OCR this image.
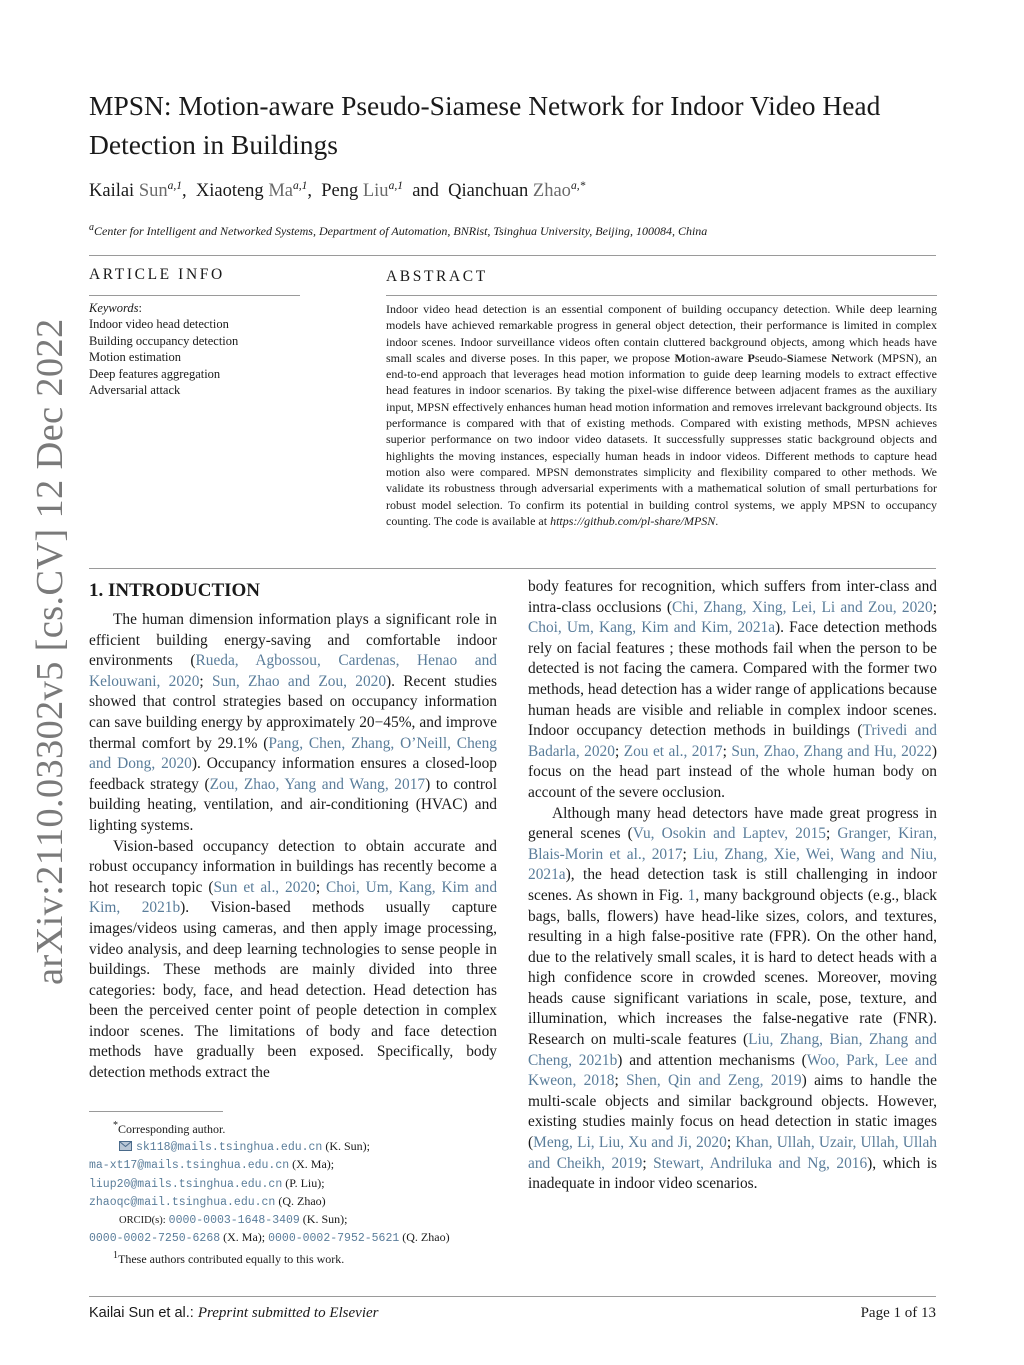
arXiv:2110.03302v5 [cs.CV] 12 Dec 2022
MPSN: Motion-aware Pseudo-Siamese Network for Indoor Video Head Detection in Buildings
Kailai Sun$^{a,1}$,  Xiaoteng Ma$^{a,1}$,  Peng Liu$^{a,1}$ and Qianchuan Zhao$^{a,*}$
$^a$Center for Intelligent and Networked Systems, Department of Automation, BNRist, Tsinghua University, Beijing, 100084, China
ARTICLE INFO
Keywords:
Indoor video head detection
Building occupancy detection
Motion estimation
Deep features aggregation
Adversarial attack
ABSTRACT
Indoor video head detection is an essential component of building occupancy detection. While deep learning models have achieved remarkable progress in general object detection, their performance is limited in complex indoor scenes. Indoor surveillance videos often contain cluttered background objects, among which heads have small scales and diverse poses. In this paper, we propose Motion-aware Pseudo-Siamese Network (MPSN), an end-to-end approach that leverages head motion information to guide deep learning models to extract effective head features in indoor scenarios. By taking the pixel-wise difference between adjacent frames as the auxiliary input, MPSN effectively enhances human head motion information and removes irrelevant background objects. Its performance is compared with that of existing methods. Compared with existing methods, MPSN achieves superior performance on two indoor video datasets. It successfully suppresses static background objects and highlights the moving instances, especially human heads in indoor videos. Different methods to capture head motion also were compared. MPSN demonstrates simplicity and flexibility compared to other methods. We validate its robustness through adversarial experiments with a mathematical solution of small perturbations for robust model selection. To confirm its potential in building control systems, we apply MPSN to occupancy counting. The code is available at https://github.com/pl-share/MPSN.
1. INTRODUCTION

The human dimension information plays a significant role in efficient building energy-saving and comfortable indoor environments (Rueda, Agbossou, Cardenas, Henao and Kelouwani, 2020; Sun, Zhao and Zou, 2020). Recent studies showed that control strategies based on occupancy information can save building energy by approximately 20−45%, and improve thermal comfort by 29.1% (Pang, Chen, Zhang, O’Neill, Cheng and Dong, 2020). Occupancy information ensures a closed-loop feedback strategy (Zou, Zhao, Yang and Wang, 2017) to control building heating, ventilation, and air-conditioning (HVAC) and lighting systems.

Vision-based occupancy detection to obtain accurate and robust occupancy information in buildings has recently become a hot research topic (Sun et al., 2020; Choi, Um, Kang, Kim and Kim, 2021b). Vision-based methods usually capture images/videos using cameras, and then apply image processing, video analysis, and deep learning technologies to sense people in buildings. These methods are mainly divided into three categories: body, face, and head detection. Head detection has been the perceived center point of people detection in complex indoor scenes. The limitations of body and face detection methods have gradually been exposed. Specifically, body detection methods extract the

body features for recognition, which suffers from inter-class and intra-class occlusions (Chi, Zhang, Xing, Lei, Li and Zou, 2020; Choi, Um, Kang, Kim and Kim, 2021a). Face detection methods rely on facial features ; these mothods fail when the person to be detected is not facing the camera. Compared with the former two methods, head detection has a wider range of applications because human heads are visible and reliable in complex indoor scenes. Indoor occupancy detection methods in buildings (Trivedi and Badarla, 2020; Zou et al., 2017; Sun, Zhao, Zhang and Hu, 2022) focus on the head part instead of the whole human body on account of the severe occlusion.

Although many head detectors have made great progress in general scenes (Vu, Osokin and Laptev, 2015; Granger, Kiran, Blais-Morin et al., 2017; Liu, Zhang, Xie, Wei, Wang and Niu, 2021a), the head detection task is still challenging in indoor scenes. As shown in Fig. 1, many background objects (e.g., black bags, balls, flowers) have head-like sizes, colors, and textures, resulting in a high false-positive rate (FPR). On the other hand, due to the relatively small scales, it is hard to detect heads with a high confidence score in crowded scenes. Moreover, moving heads cause significant variations in scale, pose, texture, and illumination, which increases the false-negative rate (FNR). Research on multi-scale features (Liu, Zhang, Bian, Zhang and Cheng, 2021b) and attention mechanisms (Woo, Park, Lee and Kweon, 2018; Shen, Qin and Zeng, 2019) aims to handle the multi-scale objects and similar background objects. However, existing studies mainly focus on head detection in static images (Meng, Li, Liu, Xu and Ji, 2020; Khan, Ullah, Uzair, Ullah, Ullah and Cheikh, 2019; Stewart, Andriluka and Ng, 2016), which is inadequate in indoor video scenarios.

*Corresponding author.
sk118@mails.tsinghua.edu.cn (K. Sun);
ma-xt17@mails.tsinghua.edu.cn (X. Ma);
liup20@mails.tsinghua.edu.cn (P. Liu);
zhaoqc@mail.tsinghua.edu.cn (Q. Zhao)
ORCID(s): 0000-0003-1648-3409 (K. Sun);
0000-0002-7250-6268 (X. Ma); 0000-0002-7952-5621 (Q. Zhao)
$^1$These authors contributed equally to this work.
Kailai Sun et al.: Preprint submitted to Elsevier	Page 1 of 13
